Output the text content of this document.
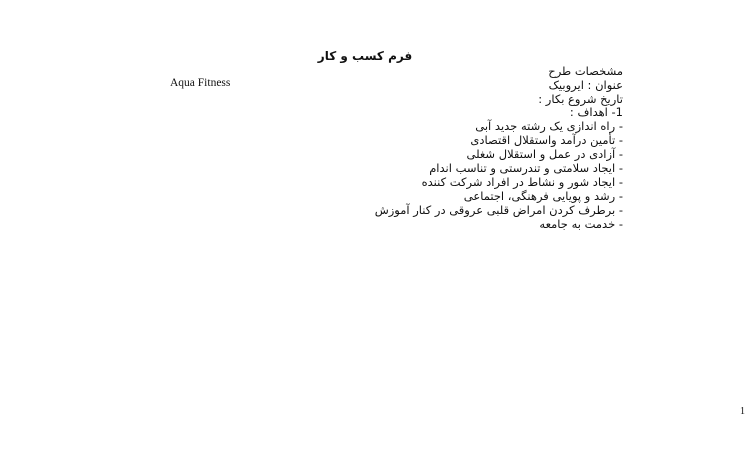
فرم کسب و کار
مشخصات طرح
عنوان : ایروبیک
Aqua Fitness
تاریخ شروع بکار :
1- اهداف :
- راه اندازی یک رشته جدید آبی
- تأمین درآمد واستقلال اقتصادی
- آزادی در عمل و استقلال شغلی
- ایجاد سلامتی و تندرستی و تناسب اندام
- ایجاد شور و نشاط در افراد شرکت کننده
- رشد و پویایی فرهنگی، اجتماعی
- برطرف کردن امراض قلبی عروقی در کنار آموزش
- خدمت به جامعه
1
